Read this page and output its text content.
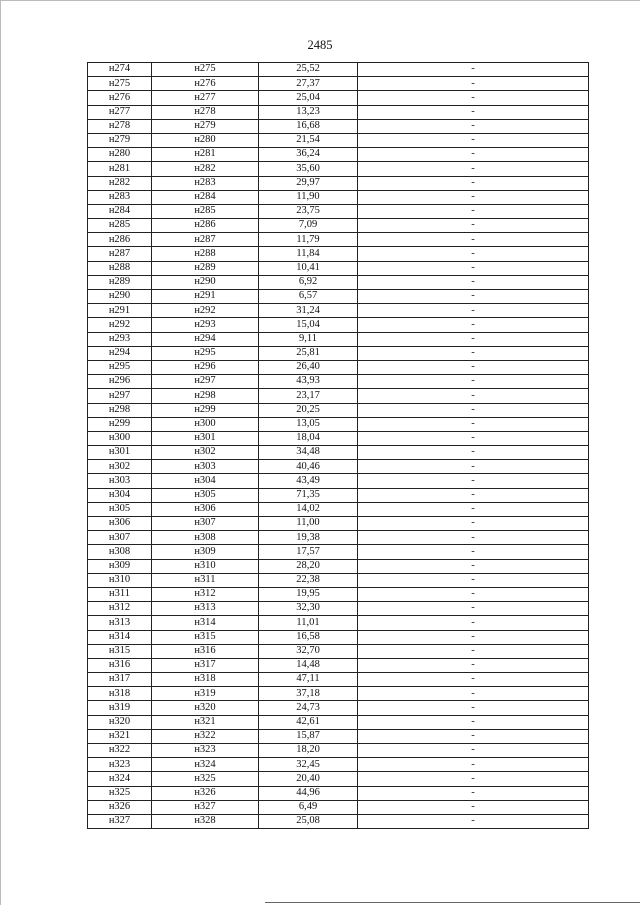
2485
н274	н275	25,52	-
н275	н276	27,37	-
н276	н277	25,04	-
н277	н278	13,23	-
н278	н279	16,68	-
н279	н280	21,54	-
н280	н281	36,24	-
н281	н282	35,60	-
н282	н283	29,97	-
н283	н284	11,90	-
н284	н285	23,75	-
н285	н286	7,09	-
н286	н287	11,79	-
н287	н288	11,84	-
н288	н289	10,41	-
н289	н290	6,92	-
н290	н291	6,57	-
н291	н292	31,24	-
н292	н293	15,04	-
н293	н294	9,11	-
н294	н295	25,81	-
н295	н296	26,40	-
н296	н297	43,93	-
н297	н298	23,17	-
н298	н299	20,25	-
н299	н300	13,05	-
н300	н301	18,04	-
н301	н302	34,48	-
н302	н303	40,46	-
н303	н304	43,49	-
н304	н305	71,35	-
н305	н306	14,02	-
н306	н307	11,00	-
н307	н308	19,38	-
н308	н309	17,57	-
н309	н310	28,20	-
н310	н311	22,38	-
н311	н312	19,95	-
н312	н313	32,30	-
н313	н314	11,01	-
н314	н315	16,58	-
н315	н316	32,70	-
н316	н317	14,48	-
н317	н318	47,11	-
н318	н319	37,18	-
н319	н320	24,73	-
н320	н321	42,61	-
н321	н322	15,87	-
н322	н323	18,20	-
н323	н324	32,45	-
н324	н325	20,40	-
н325	н326	44,96	-
н326	н327	6,49	-
н327	н328	25,08	-
